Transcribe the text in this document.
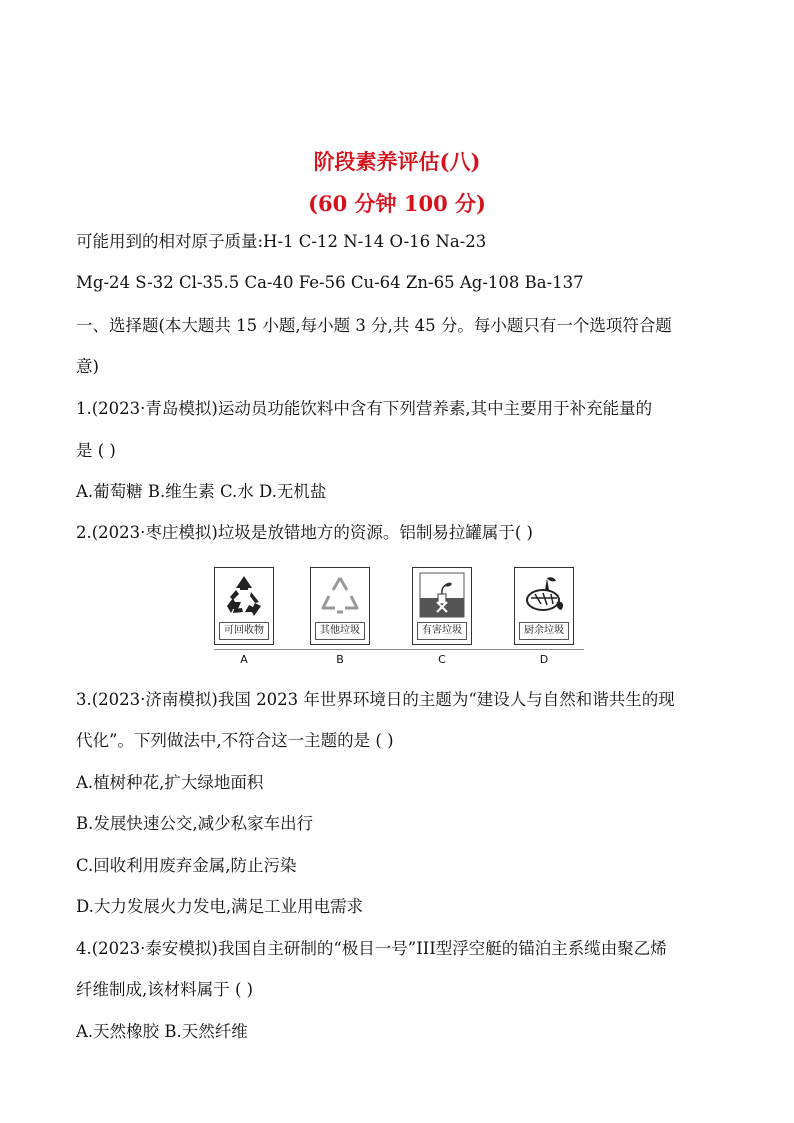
阶段素养评估(八)
(60 分钟 100 分)
可能用到的相对原子质量:H-1 C-12 N-14 O-16 Na-23
Mg-24 S-32 Cl-35.5 Ca-40 Fe-56 Cu-64 Zn-65 Ag-108 Ba-137
一、选择题(本大题共 15 小题,每小题 3 分,共 45 分。每小题只有一个选项符合题
意)
1.(2023·青岛模拟)运动员功能饮料中含有下列营养素,其中主要用于补充能量的
是 ( )
A.葡萄糖 B.维生素 C.水 D.无机盐
2.(2023·枣庄模拟)垃圾是放错地方的资源。铝制易拉罐属于( )
可回收物	其他垃圾	有害垃圾	厨余垃圾
A	B	C	D
3.(2023·济南模拟)我国 2023 年世界环境日的主题为“建设人与自然和谐共生的现
代化”。下列做法中,不符合这一主题的是 ( )
A.植树种花,扩大绿地面积
B.发展快速公交,减少私家车出行
C.回收利用废弃金属,防止污染
D.大力发展火力发电,满足工业用电需求
4.(2023·泰安模拟)我国自主研制的“极目一号”III型浮空艇的锚泊主系缆由聚乙烯
纤维制成,该材料属于 ( )
A.天然橡胶 B.天然纤维
